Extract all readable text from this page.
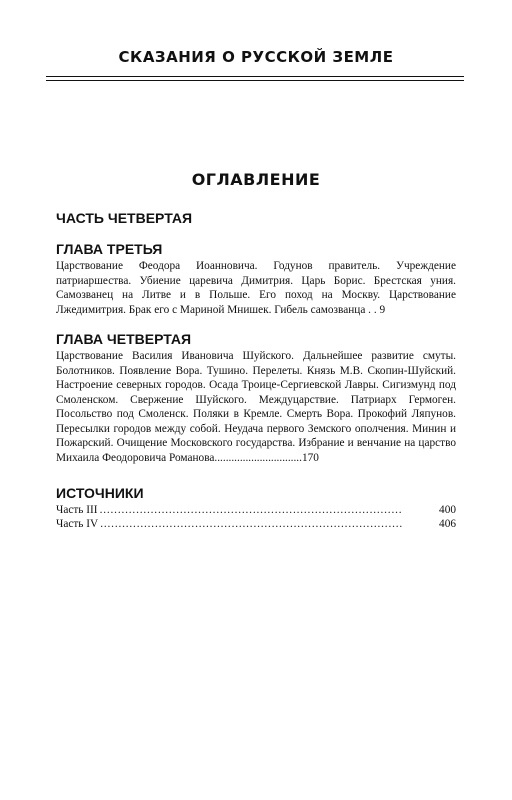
СКАЗАНИЯ О РУССКОЙ ЗЕМЛЕ
ОГЛАВЛЕНИЕ
ЧАСТЬ ЧЕТВЕРТАЯ
ГЛАВА ТРЕТЬЯ
Царствование Феодора Иоанновича. Годунов правитель. Учреждение патриаршества. Убиение царевича Димитрия. Царь Борис. Брестская уния. Самозванец на Литве и в Польше. Его поход на Москву. Царствование Лжедимитрия. Брак его с Мариной Мнишек. Гибель самозванца . . 9
ГЛАВА ЧЕТВЕРТАЯ
Царствование Василия Ивановича Шуйского. Дальнейшее развитие смуты. Болотников. Появление Вора. Тушино. Перелеты. Князь М.В. Скопин-Шуйский. Настроение северных городов. Осада Троице-Сергиевской Лавры. Сигизмунд под Смоленском. Свержение Шуйского. Междуцарствие. Патриарх Гермоген. Посольство под Смоленск. Поляки в Кремле. Смерть Вора. Прокофий Ляпунов. Пересылки городов между собой. Неудача первого Земского ополчения. Минин и Пожарский. Очищение Московского государства. Избрание и венчание на царство Михаила Феодоровича Романова...............................170
ИСТОЧНИКИ
Часть III . . .	400
Часть IV . . .	406
